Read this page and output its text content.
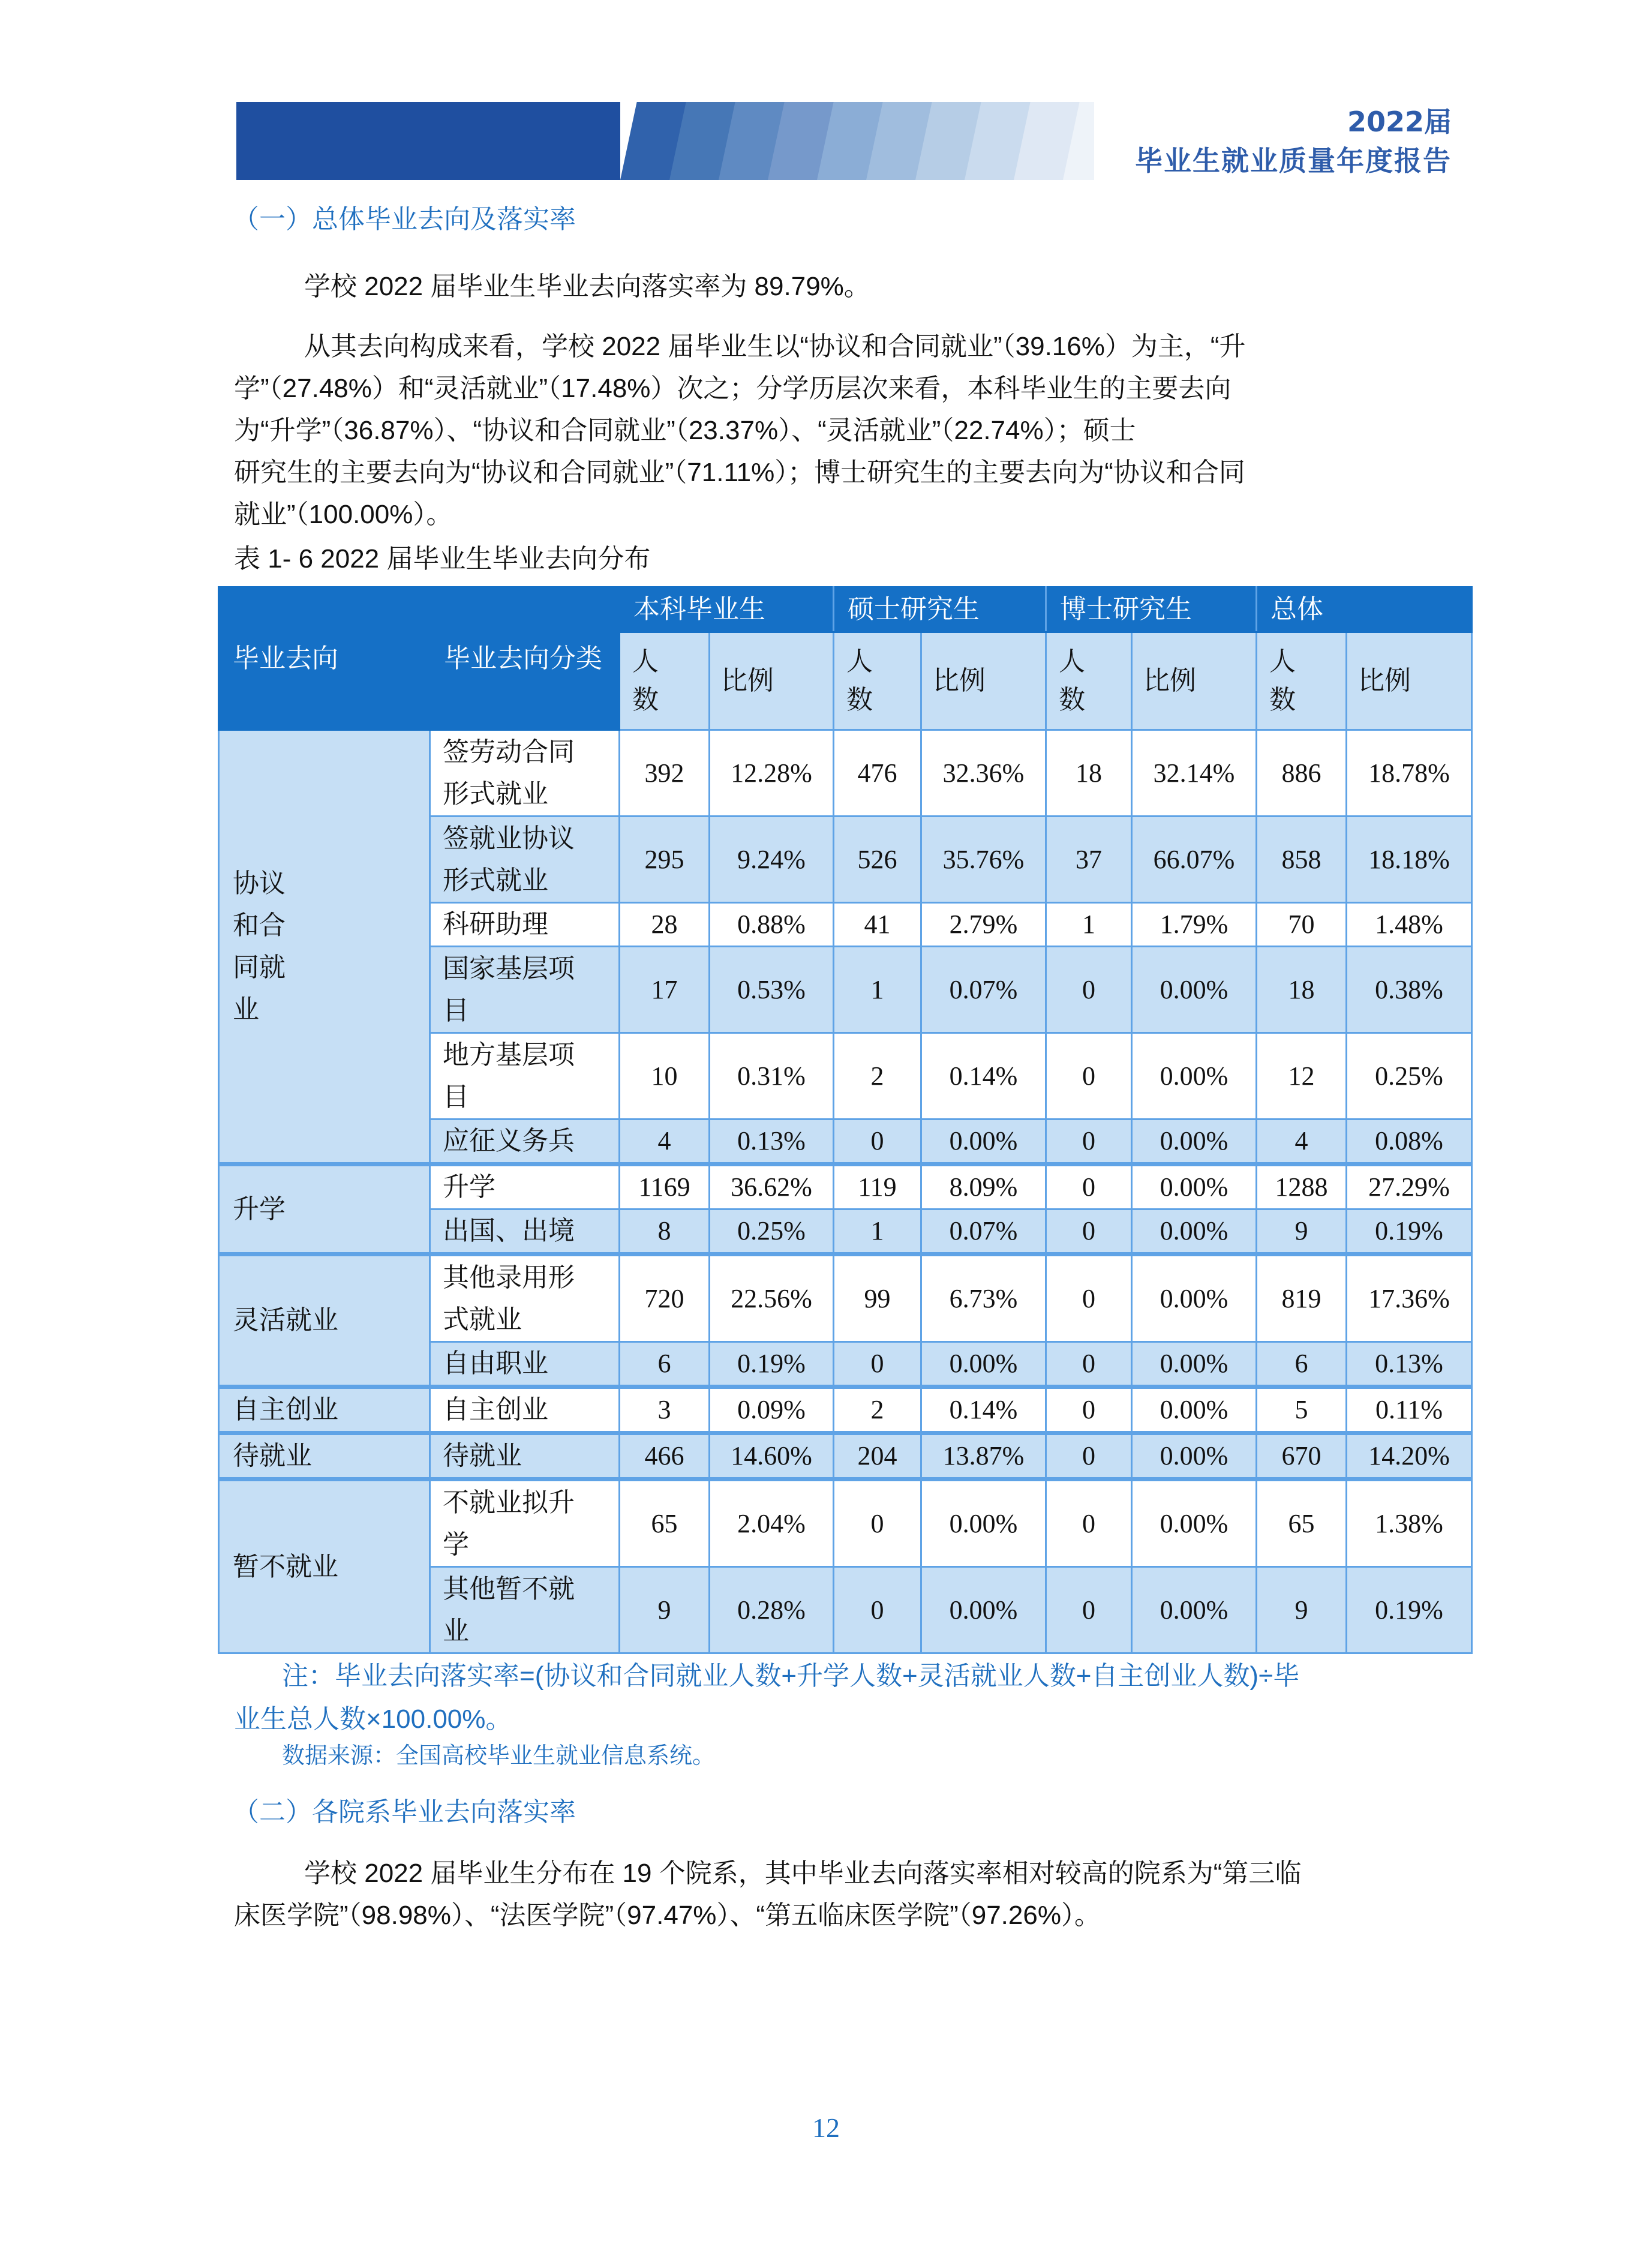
2022届
毕业生就业质量年度报告
（一）总体毕业去向及落实率
学校 2022 届毕业生毕业去向落实率为 89.79%。
从其去向构成来看，学校 2022 届毕业生以“协议和合同就业”（39.16%）为主，“升
学”（27.48%）和“灵活就业”（17.48%）次之；分学历层次来看，本科毕业生的主要去向
为“升学”（36.87%）、“协议和合同就业”（23.37%）、“灵活就业”（22.74%）；硕士
研究生的主要去向为“协议和合同就业”（71.11%）；博士研究生的主要去向为“协议和合同
就业”（100.00%）。
表 1- 6 2022 届毕业生毕业去向分布
毕业去向	毕业去向分类	本科毕业生		硕士研究生		博士研究生		总体	
		人数	比例	人数	比例	人数	比例	人数	比例
协议和合同就业	签劳动合同形式就业	392	12.28%	476	32.36%	18	32.14%	886	18.78%
	签就业协议形式就业	295	9.24%	526	35.76%	37	66.07%	858	18.18%
	科研助理	28	0.88%	41	2.79%	1	1.79%	70	1.48%
	国家基层项目	17	0.53%	1	0.07%	0	0.00%	18	0.38%
	地方基层项目	10	0.31%	2	0.14%	0	0.00%	12	0.25%
	应征义务兵	4	0.13%	0	0.00%	0	0.00%	4	0.08%
升学	升学	1169	36.62%	119	8.09%	0	0.00%	1288	27.29%
	出国、出境	8	0.25%	1	0.07%	0	0.00%	9	0.19%
灵活就业	其他录用形式就业	720	22.56%	99	6.73%	0	0.00%	819	17.36%
	自由职业	6	0.19%	0	0.00%	0	0.00%	6	0.13%
自主创业	自主创业	3	0.09%	2	0.14%	0	0.00%	5	0.11%
待就业	待就业	466	14.60%	204	13.87%	0	0.00%	670	14.20%
暂不就业	不就业拟升学	65	2.04%	0	0.00%	0	0.00%	65	1.38%
	其他暂不就业	9	0.28%	0	0.00%	0	0.00%	9	0.19%
注：毕业去向落实率=(协议和合同就业人数+升学人数+灵活就业人数+自主创业人数)÷毕
业生总人数×100.00%。
数据来源：全国高校毕业生就业信息系统。
（二）各院系毕业去向落实率
学校 2022 届毕业生分布在 19 个院系，其中毕业去向落实率相对较高的院系为“第三临
床医学院”（98.98%）、“法医学院”（97.47%）、“第五临床医学院”（97.26%）。
12
